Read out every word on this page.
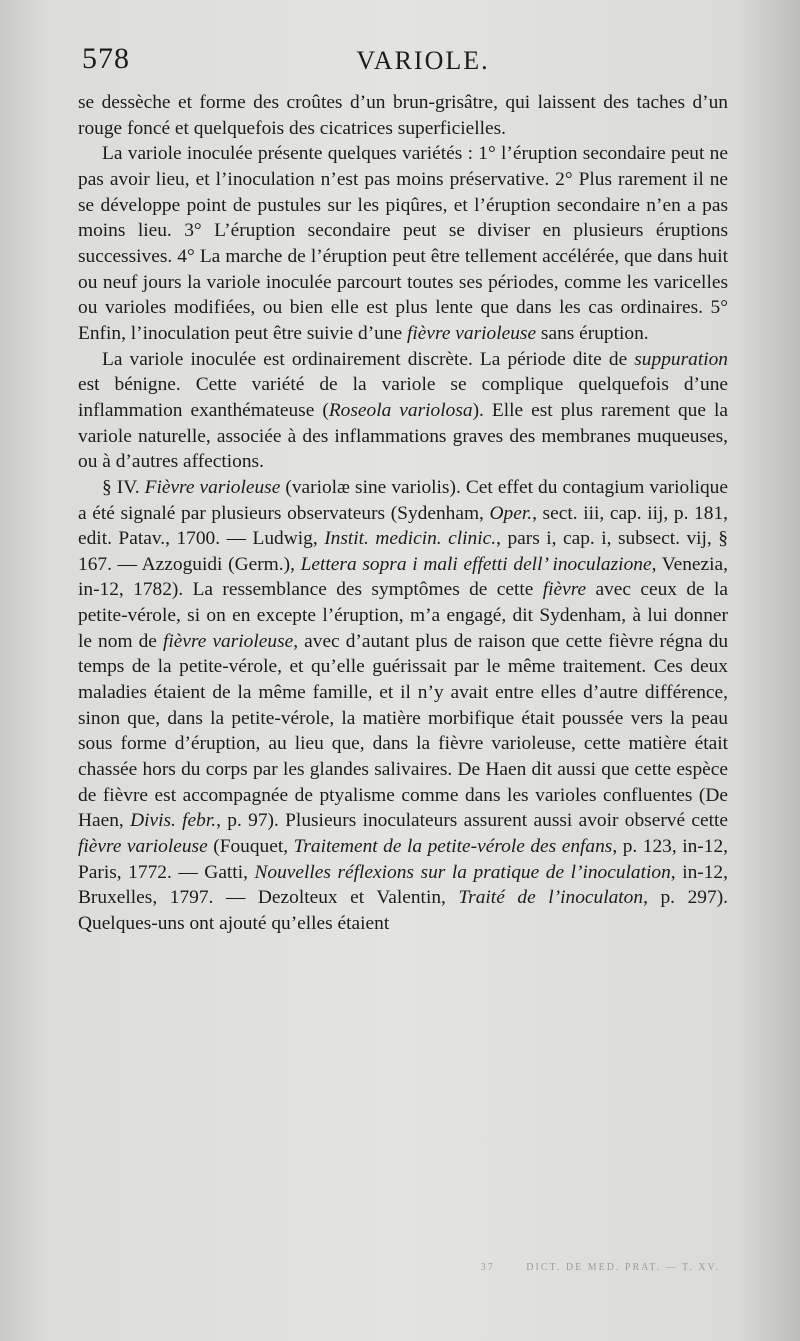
578	VARIOLE.

se dessèche et forme des croûtes d’un brun-grisâtre, qui laissent des taches d’un rouge foncé et quelquefois des cicatrices superficielles.

La variole inoculée présente quelques variétés : 1° l’éruption secondaire peut ne pas avoir lieu, et l’inoculation n’est pas moins préservative. 2° Plus rarement il ne se développe point de pustules sur les piqûres, et l’éruption secondaire n’en a pas moins lieu. 3° L’éruption secondaire peut se diviser en plusieurs éruptions successives. 4° La marche de l’éruption peut être tellement accélérée, que dans huit ou neuf jours la variole inoculée parcourt toutes ses périodes, comme les varicelles ou varioles modifiées, ou bien elle est plus lente que dans les cas ordinaires. 5° Enfin, l’inoculation peut être suivie d’une fièvre varioleuse sans éruption.

La variole inoculée est ordinairement discrète. La période dite de suppuration est bénigne. Cette variété de la variole se complique quelquefois d’une inflammation exanthémateuse (Roseola variolosa). Elle est plus rarement que la variole naturelle, associée à des inflammations graves des membranes muqueuses, ou à d’autres affections.

§ IV. Fièvre varioleuse (variolæ sine variolis). Cet effet du contagium variolique a été signalé par plusieurs observateurs (Sydenham, Oper., sect. iii, cap. iij, p. 181, edit. Patav., 1700. — Ludwig, Instit. medicin. clinic., pars i, cap. i, subsect. vij, § 167. — Azzoguidi (Germ.), Lettera sopra i mali effetti dell’ inoculazione, Venezia, in-12, 1782). La ressemblance des symptômes de cette fièvre avec ceux de la petite-vérole, si on en excepte l’éruption, m’a engagé, dit Sydenham, à lui donner le nom de fièvre varioleuse, avec d’autant plus de raison que cette fièvre régna du temps de la petite-vérole, et qu’elle guérissait par le même traitement. Ces deux maladies étaient de la même famille, et il n’y avait entre elles d’autre différence, sinon que, dans la petite-vérole, la matière morbifique était poussée vers la peau sous forme d’éruption, au lieu que, dans la fièvre varioleuse, cette matière était chassée hors du corps par les glandes salivaires. De Haen dit aussi que cette espèce de fièvre est accompagnée de ptyalisme comme dans les varioles confluentes (De Haen, Divis. febr., p. 97). Plusieurs inoculateurs assurent aussi avoir observé cette fièvre varioleuse (Fouquet, Traitement de la petite-vérole des enfans, p. 123, in-12, Paris, 1772. — Gatti, Nouvelles réflexions sur la pratique de l’inoculation, in-12, Bruxelles, 1797. — Dezolteux et Valentin, Traité de l’inoculaton, p. 297). Quelques-uns ont ajouté qu’elles étaient

37	DICT. DE MED. PRAT. — T. XV.
